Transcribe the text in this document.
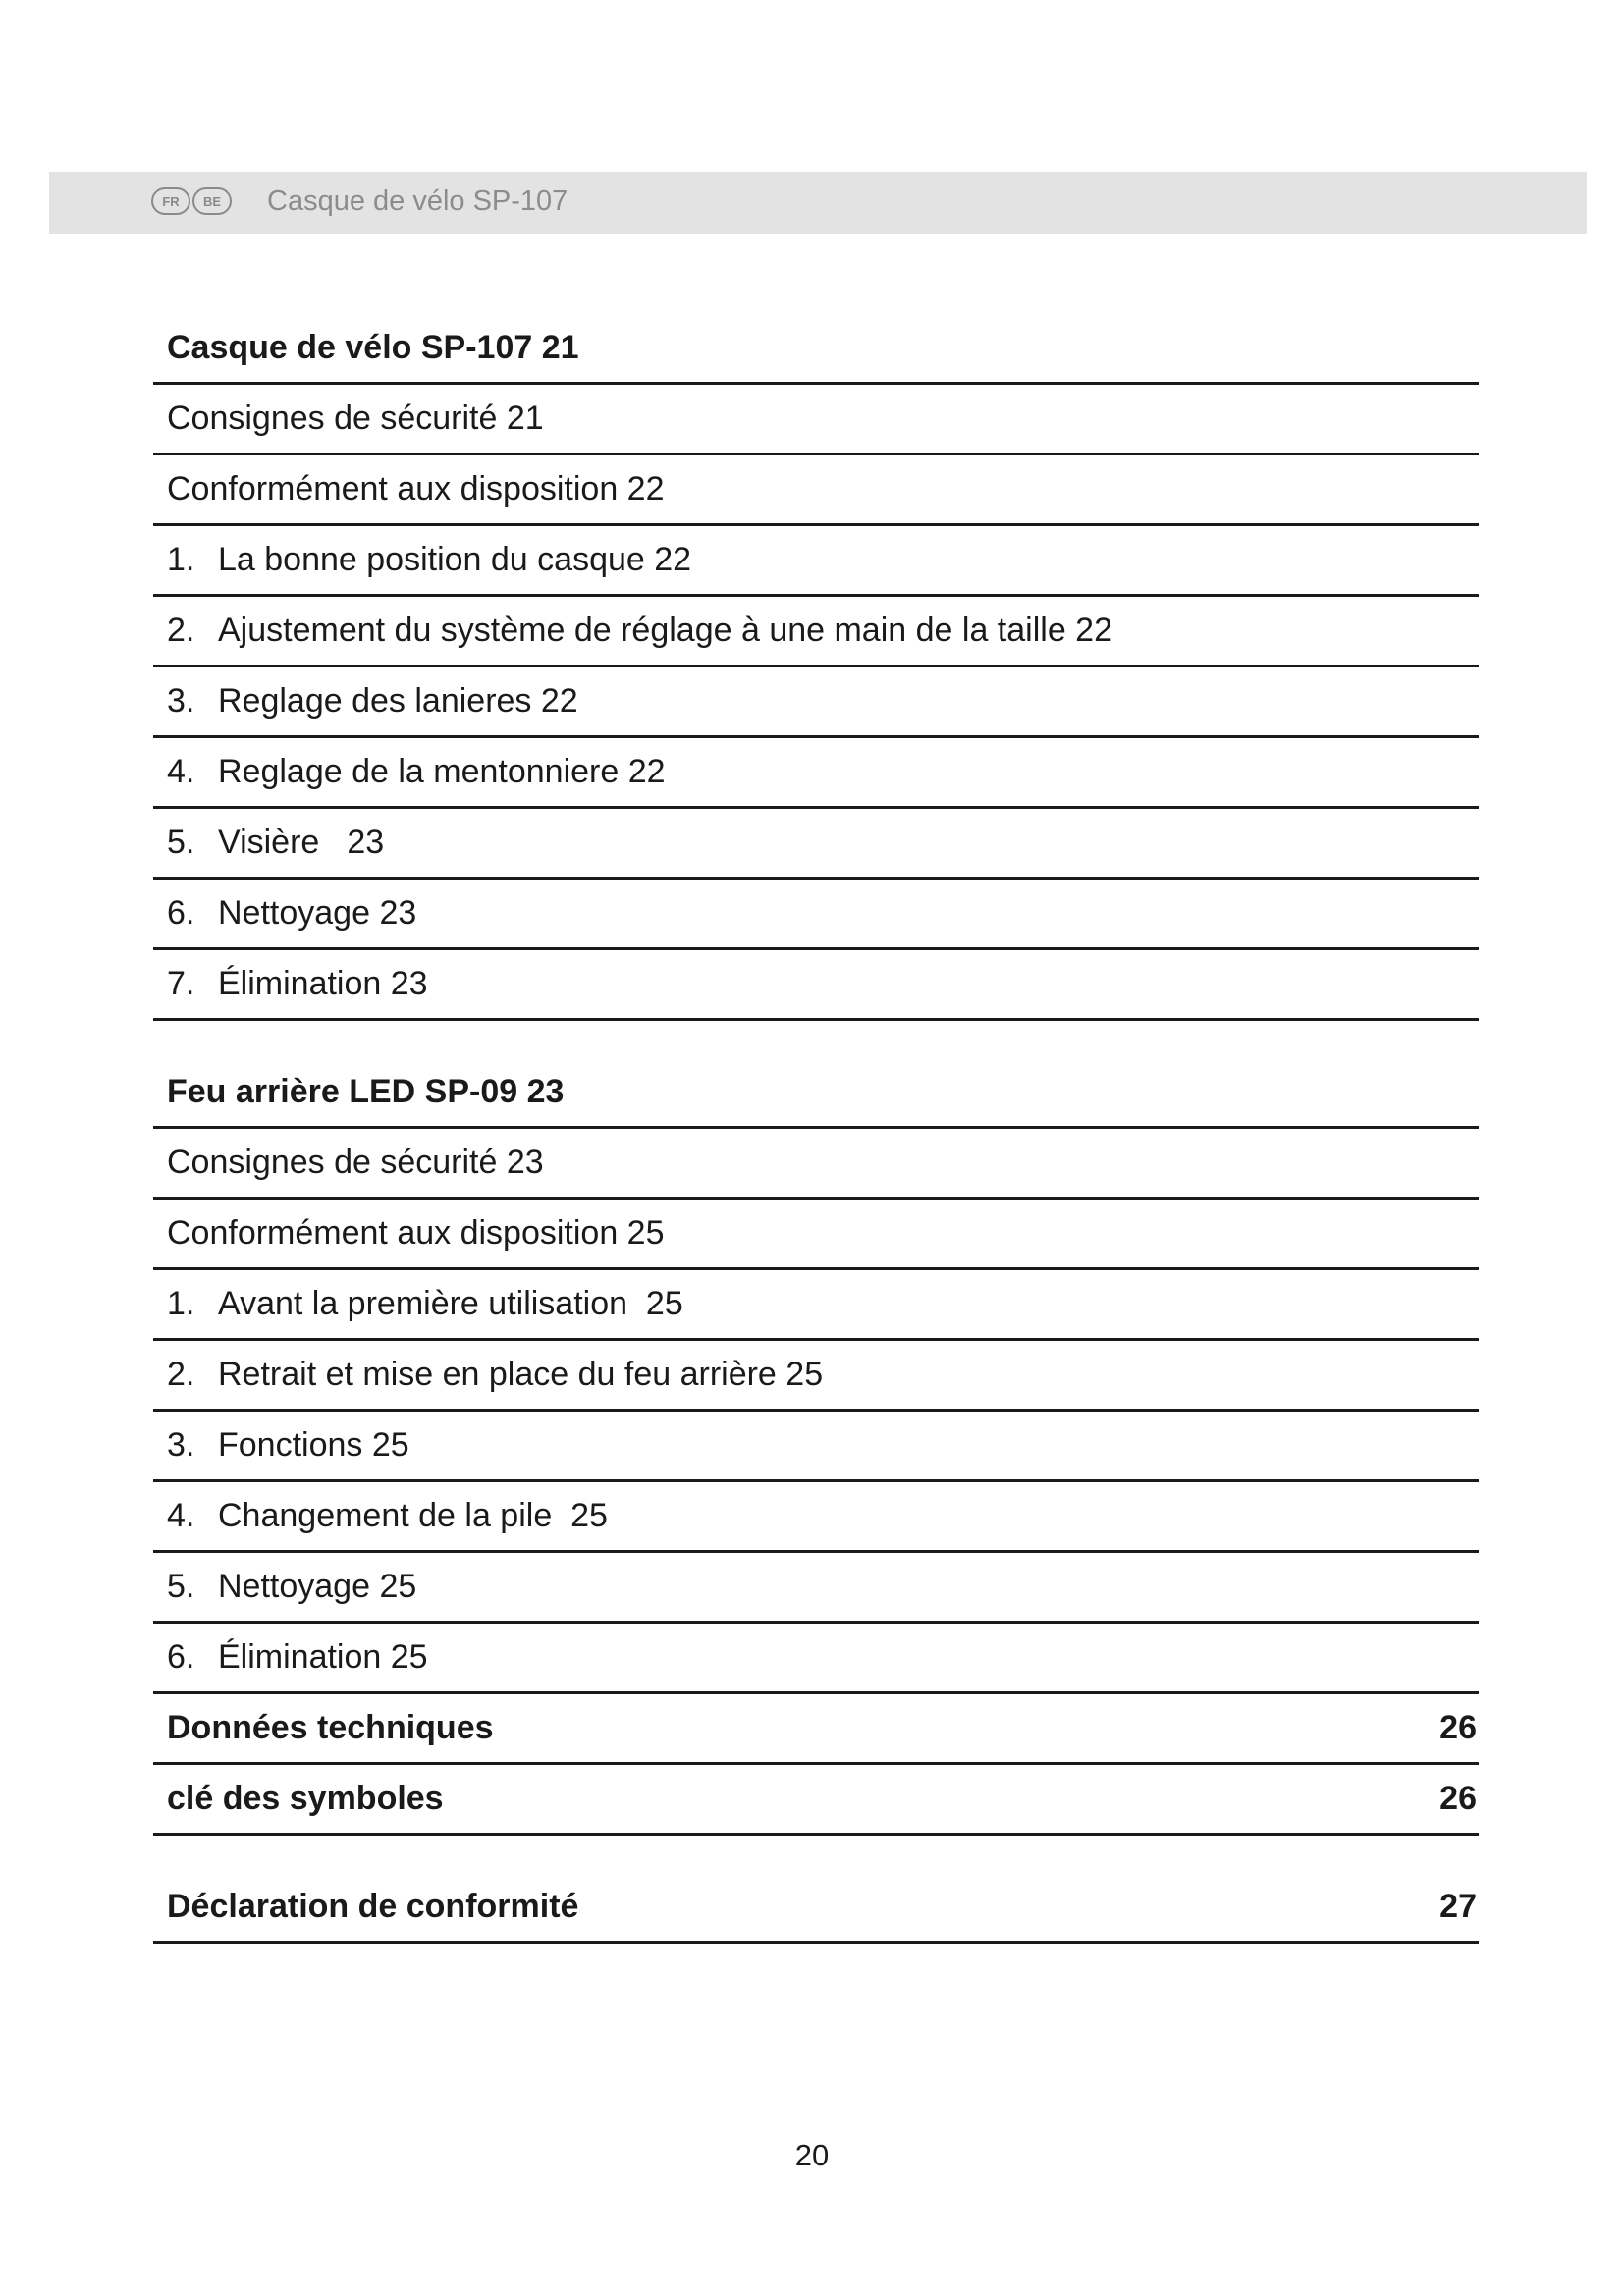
FR	BE	Casque de vélo SP-107
Casque de vélo SP-107 21
Consignes de sécurité 21
Conformément aux disposition 22
1. La bonne position du casque 22
2. Ajustement du système de réglage à une main de la taille 22
3. Reglage des lanieres 22
4. Reglage de la mentonniere 22
5. Visière 23
6. Nettoyage 23
7. Élimination 23
Feu arrière LED SP-09 23
Consignes de sécurité 23
Conformément aux disposition 25
1. Avant la première utilisation  25
2. Retrait et mise en place du feu arrière 25
3. Fonctions 25
4. Changement de la pile  25
5. Nettoyage 25
6. Élimination 25
Données techniques	26
clé des symboles	26
Déclaration de conformité	27
20
